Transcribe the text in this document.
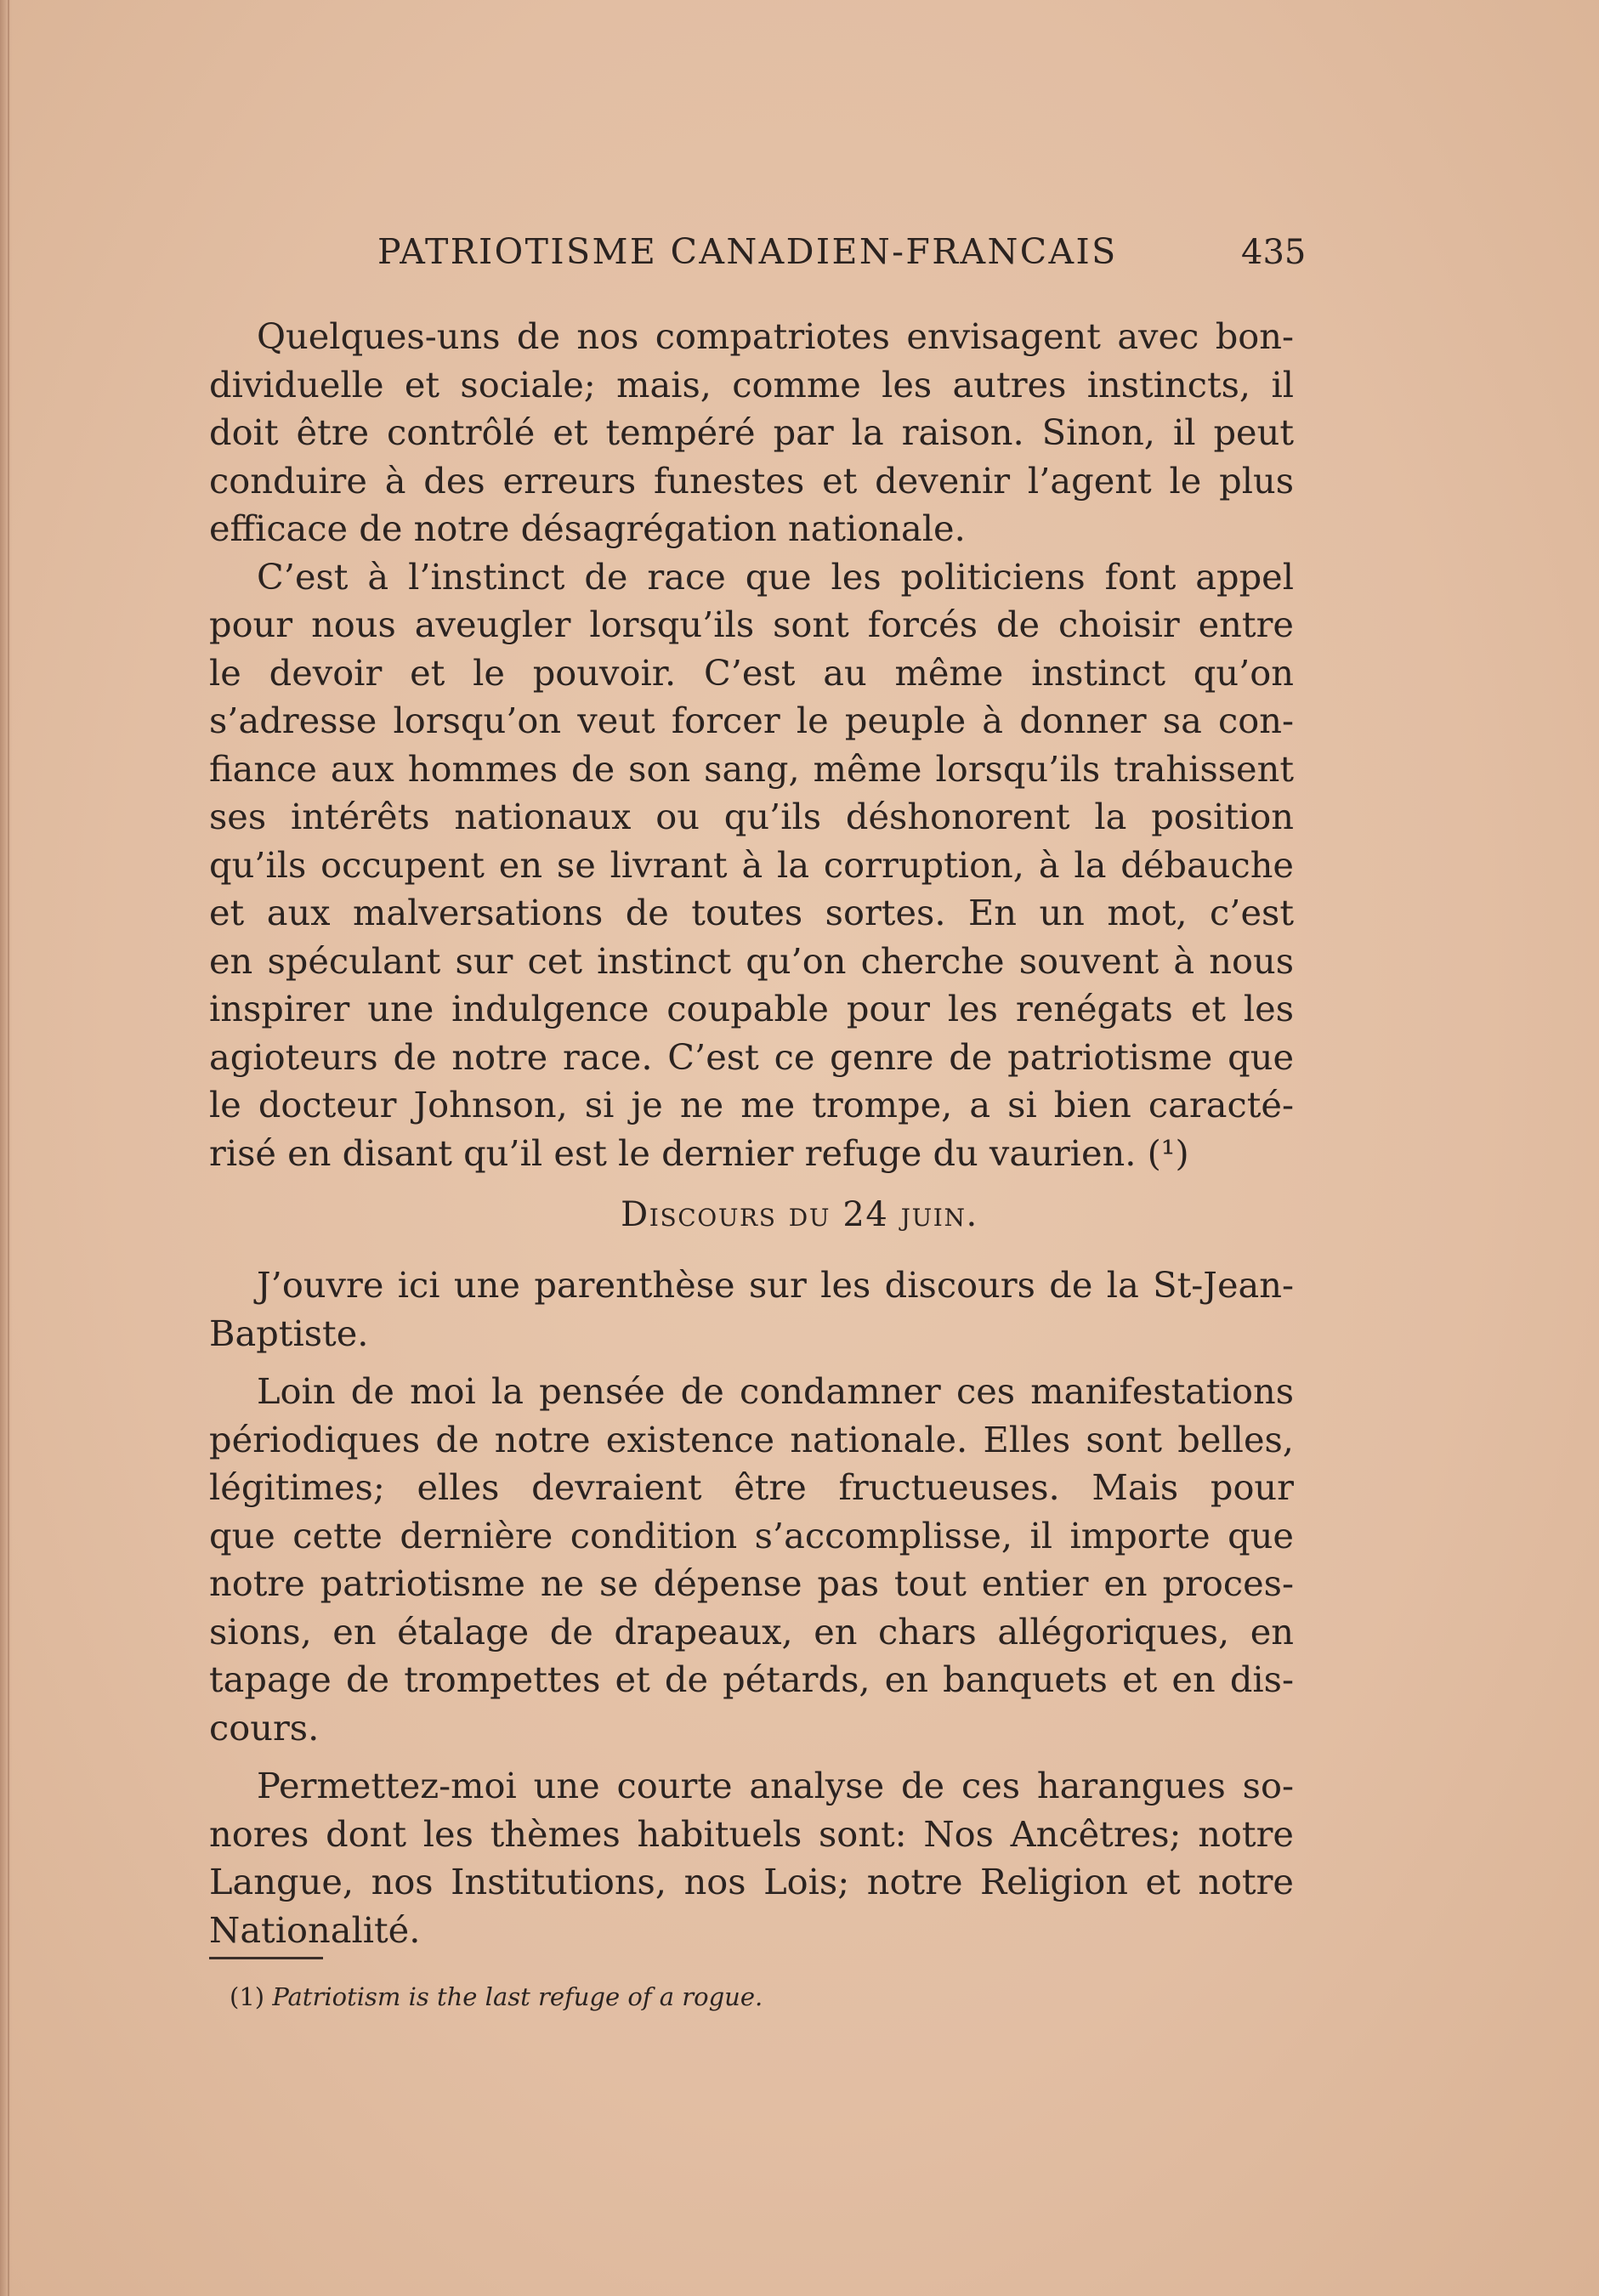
PATRIOTISME CANADIEN-FRANCAIS	435

Quelques-uns de nos compatriotes envisagent avec bon-

dividuelle et sociale; mais, comme les autres instincts, il

doit être contrôlé et tempéré par la raison. Sinon, il peut

conduire à des erreurs funestes et devenir l’agent le plus

efficace de notre désagrégation nationale.

C’est à l’instinct de race que les politiciens font appel

pour nous aveugler lorsqu’ils sont forcés de choisir entre

le devoir et le pouvoir. C’est au même instinct qu’on

s’adresse lorsqu’on veut forcer le peuple à donner sa con-

fiance aux hommes de son sang, même lorsqu’ils trahissent

ses intérêts nationaux ou qu’ils déshonorent la position

qu’ils occupent en se livrant à la corruption, à la débauche

et aux malversations de toutes sortes. En un mot, c’est

en spéculant sur cet instinct qu’on cherche souvent à nous

inspirer une indulgence coupable pour les renégats et les

agioteurs de notre race. C’est ce genre de patriotisme que

le docteur Johnson, si je ne me trompe, a si bien caracté-

risé en disant qu’il est le dernier refuge du vaurien. (¹)

Discours du 24 juin.

J’ouvre ici une parenthèse sur les discours de la St-Jean-

Baptiste.

Loin de moi la pensée de condamner ces manifestations

périodiques de notre existence nationale. Elles sont belles,

légitimes; elles devraient être fructueuses. Mais pour

que cette dernière condition s’accomplisse, il importe que

notre patriotisme ne se dépense pas tout entier en proces-

sions, en étalage de drapeaux, en chars allégoriques, en

tapage de trompettes et de pétards, en banquets et en dis-

cours.

Permettez-moi une courte analyse de ces harangues so-

nores dont les thèmes habituels sont: Nos Ancêtres; notre

Langue, nos Institutions, nos Lois; notre Religion et notre

Nationalité.

(1) Patriotism is the last refuge of a rogue.
